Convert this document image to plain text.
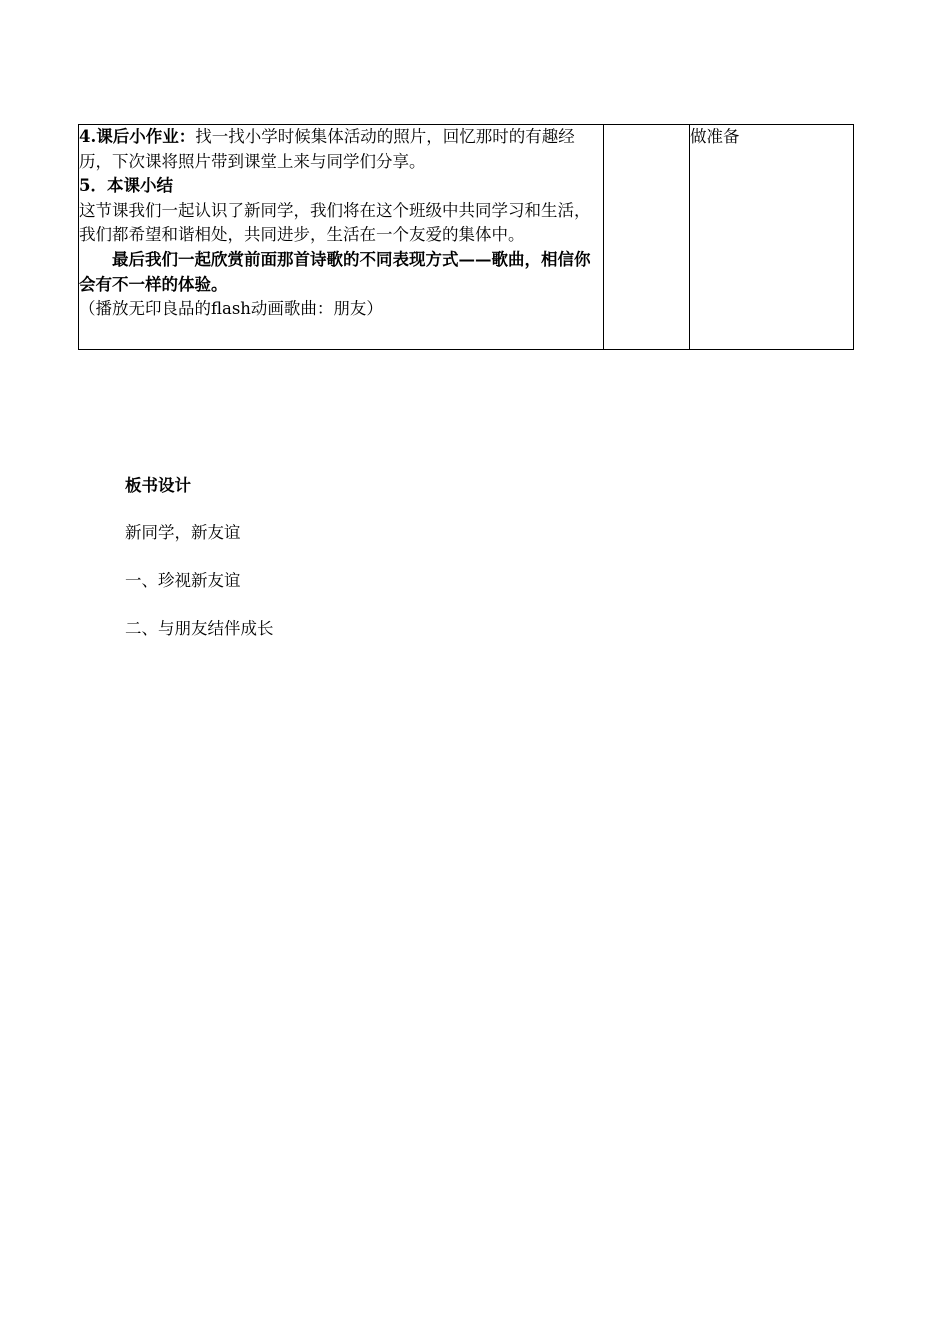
4.课后小作业：找一找小学时候集体活动的照片，回忆那时的有趣经历，下次课将照片带到课堂上来与同学们分享。

5．本课小结

这节课我们一起认识了新同学，我们将在这个班级中共同学习和生活，我们都希望和谐相处，共同进步，生活在一个友爱的集体中。

最后我们一起欣赏前面那首诗歌的不同表现方式——歌曲，相信你会有不一样的体验。

（播放无印良品的flash动画歌曲：朋友）

		做准备
板书设计
新同学，新友谊
一、珍视新友谊
二、与朋友结伴成长
